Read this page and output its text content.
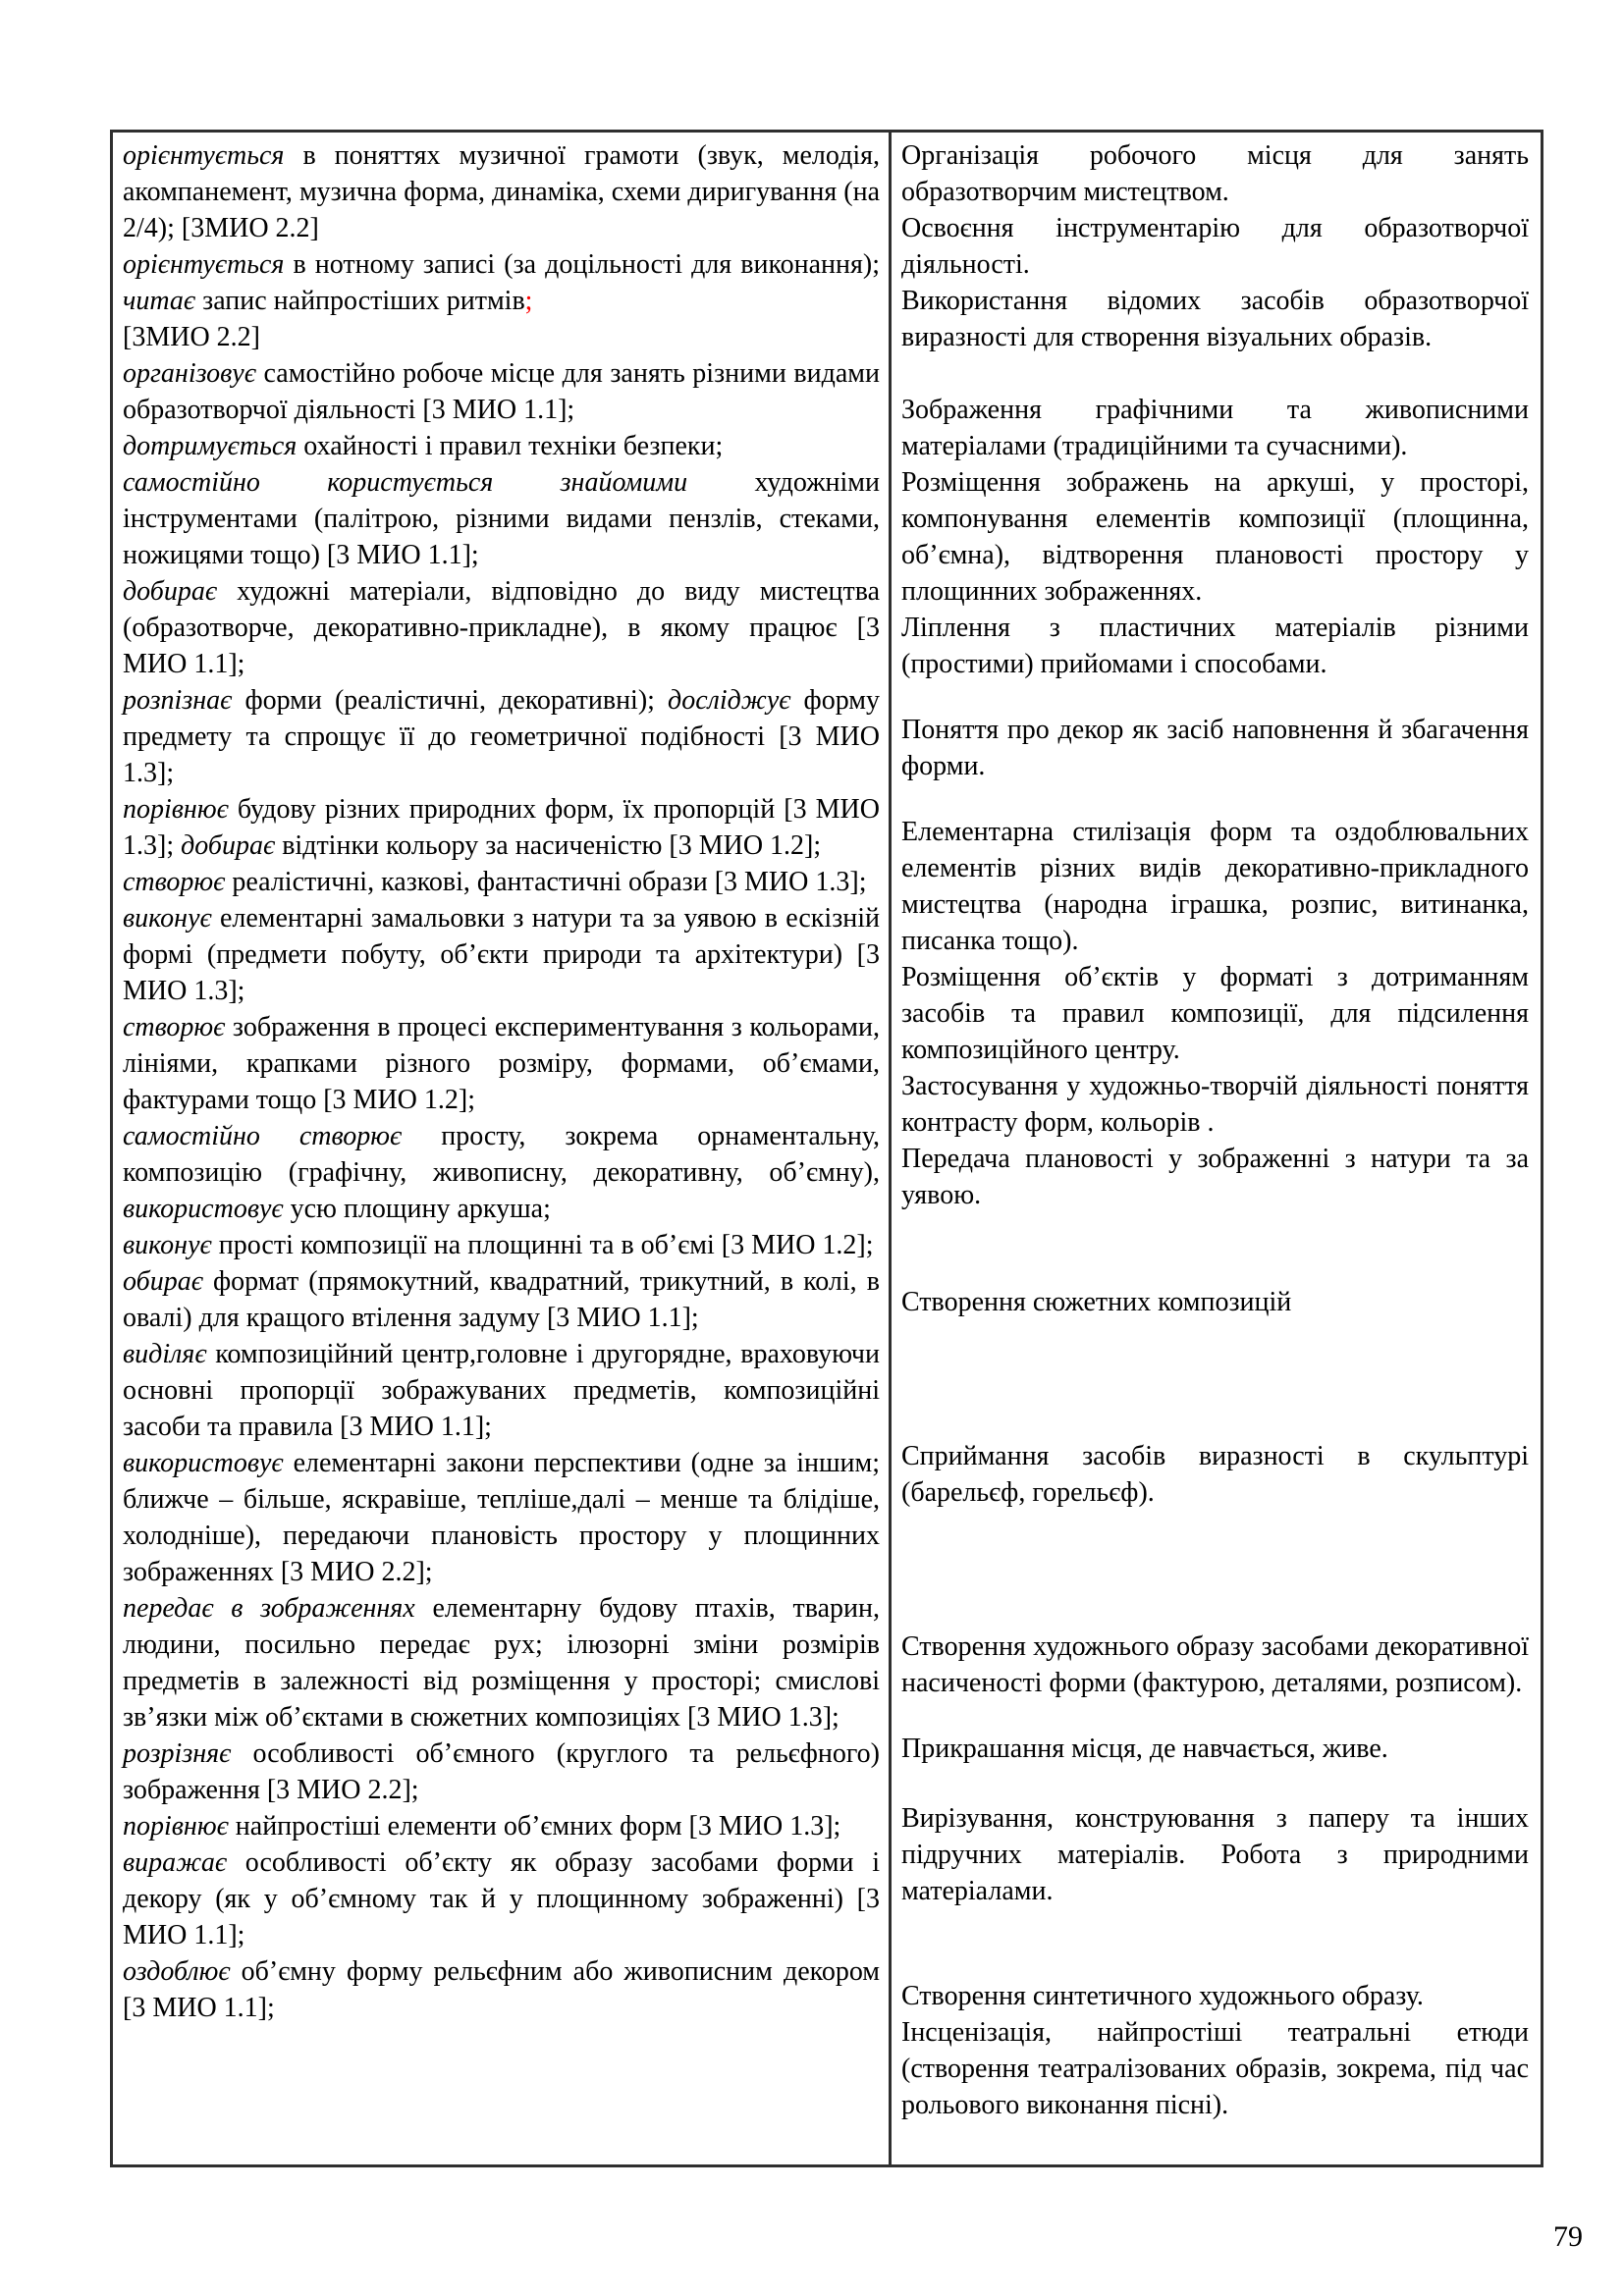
орієнтується в поняттях музичної грамоти (звук, мелодія, акомпанемент, музична форма, динаміка, схеми диригування (на 2/4); [3МИО 2.2]

орієнтується в нотному записі (за доцільності для виконання); читає запис найпростіших ритмів;
[3МИО 2.2]

організовує самостійно робоче місце для занять різними видами образотворчої діяльності [3 МИО 1.1];

дотримується охайності і правил техніки безпеки;

самостійно користується знайомими художніми інструментами (палітрою, різними видами пензлів, стеками, ножицями тощо) [3 МИО 1.1];

добирає художні матеріали, відповідно до виду мистецтва (образотворче, декоративно-прикладне), в якому працює [3 МИО 1.1];

розпізнає форми (реалістичні, декоративні); досліджує форму предмету та спрощує її до геометричної подібності [3 МИО 1.3];

порівнює будову різних природних форм, їх пропорцій [3 МИО 1.3]; добирає відтінки кольору за насиченістю [3 МИО 1.2];

створює реалістичні, казкові, фантастичні образи [3 МИО 1.3];

виконує елементарні замальовки з натури та за уявою в ескізній формі (предмети побуту, об’єкти природи та архітектури) [3 МИО 1.3];

створює зображення в процесі експериментування з кольорами, лініями, крапками різного розміру, формами, об’ємами, фактурами тощо [3 МИО 1.2];

самостійно створює просту, зокрема орнаментальну, композицію (графічну, живописну, декоративну, об’ємну), використовує усю площину аркуша;

виконує прості композиції на площинні та в об’ємі [3 МИО 1.2];

обирає формат (прямокутний, квадратний, трикутний, в колі, в овалі) для кращого втілення задуму [3 МИО 1.1];

виділяє композиційний центр,головне і другорядне, враховуючи основні пропорції зображуваних предметів, композиційні засоби та правила [3 МИО 1.1];

використовує елементарні закони перспективи (одне за іншим; ближче – більше, яскравіше, тепліше,далі – менше та блідіше, холодніше), передаючи плановість простору у площинних зображеннях [3 МИО 2.2];

передає в зображеннях елементарну будову птахів, тварин, людини, посильно передає рух; ілюзорні зміни розмірів предметів в залежності від розміщення у просторі; смислові зв’язки між об’єктами в сюжетних композиціях [3 МИО 1.3];

розрізняє особливості об’ємного (круглого та рельєфного) зображення [3 МИО 2.2];

порівнює найпростіші елементи об’ємних форм [3 МИО 1.3];

виражає особливості об’єкту як образу засобами форми і декору (як у об’ємному так й у площинному зображенні) [3 МИО 1.1];

оздоблює об’ємну форму рельєфним або живописним декором [3 МИО 1.1];

Організація робочого місця для занять образотворчим мистецтвом.

Освоєння інструментарію для образотворчої діяльності.

Використання відомих засобів образотворчої виразності для створення візуальних образів.

Зображення графічними та живописними матеріалами (традиційними та сучасними).

Розміщення зображень на аркуші, у просторі, компонування елементів композиції (площинна, об’ємна), відтворення плановості простору у площинних зображеннях.

Ліплення з пластичних матеріалів різними (простими) прийомами і способами.

Поняття про декор як засіб наповнення й збагачення форми.

Елементарна стилізація форм та оздоблювальних елементів різних видів декоративно-прикладного мистецтва (народна іграшка, розпис, витинанка, писанка тощо).

Розміщення об’єктів у форматі з дотриманням засобів та правил композиції, для підсилення композиційного центру.

Застосування у художньо-творчій діяльності поняття контрасту форм, кольорів .

Передача плановості у зображенні з натури та за уявою.

Створення сюжетних композицій

Сприймання засобів виразності в скульптурі (барельєф, горельєф).

Створення художнього образу засобами декоративної насиченості форми (фактурою, деталями, розписом).

Прикрашання місця, де навчається, живе.

Вирізування, конструювання з паперу та інших підручних матеріалів. Робота з природними матеріалами.

Створення синтетичного художнього образу.

Інсценізація, найпростіші театральні етюди (створення театралізованих образів, зокрема, під час рольового виконання пісні).

79
